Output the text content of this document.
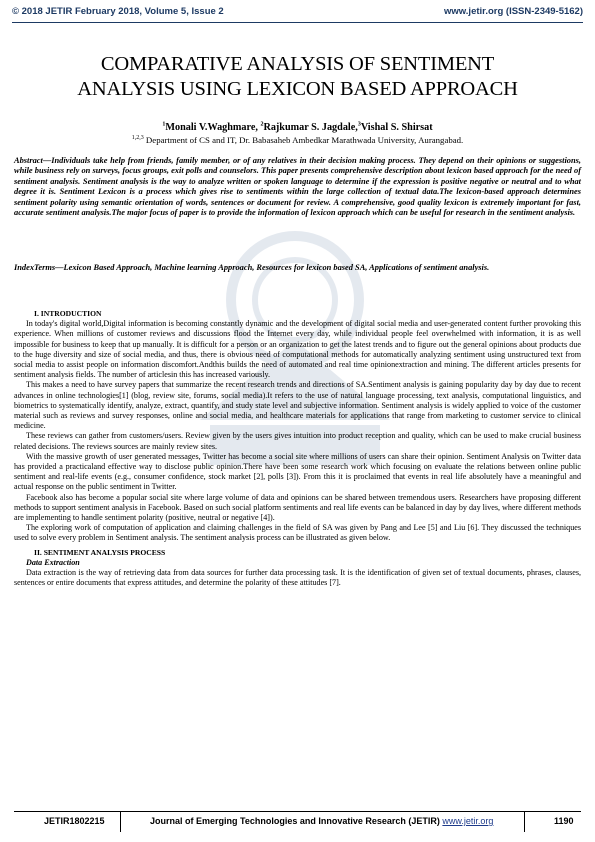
© 2018 JETIR February 2018, Volume 5, Issue 2	www.jetir.org (ISSN-2349-5162)
COMPARATIVE ANALYSIS OF SENTIMENT
ANALYSIS USING LEXICON BASED APPROACH
$^1$Monali V.Waghmare, $^2$Rajkumar S. Jagdale,$^3$Vishal S. Shirsat
$^{1,2,3}$ Department of CS and IT, Dr. Babasaheb Ambedkar Marathwada University, Aurangabad.
Abstract—Individuals take help from friends, family member, or of any relatives in their decision making process. They depend on their opinions or suggestions, while business rely on surveys, focus groups, exit polls and counselors. This paper presents comprehensive description about lexicon based approach for the need of sentiment analysis. Sentiment analysis is the way to analyze written or spoken language to determine if the expression is positive negative or neutral and to what degree it is. Sentiment Lexicon is a process which gives rise to sentiments within the large collection of textual data.The lexicon-based approach determines sentiment polarity using semantic orientation of words, sentences or document for review. A comprehensive, good quality lexicon is extremely important for fast, accurate sentiment analysis.The major focus of paper is to provide the information of lexicon approach which can be useful for research in the sentiment analysis.
IndexTerms—Lexicon Based Approach, Machine learning Approach, Resources for lexicon based SA, Applications of sentiment analysis.

I. INTRODUCTION

In today's digital world,Digital information is becoming constantly dynamic and the development of digital social media and user-generated content further provoking this experience. When millions of customer reviews and discussions flood the Internet every day, while individual people feel overwhelmed with information, it is as well impossible for business to keep that up manually. It is difficult for a person or an organization to get the latest trends and to figure out the general opinions about products due to the huge diversity and size of social media, and thus, there is obvious need of computational methods for automatically analyzing sentiment using unstructured text from social media to assist people on information discomfort.Andthis builds the need of automated and real time opinionextraction and mining. The different articles presents for sentiment analysis fields. The number of articlesin this has increased variously.

This makes a need to have survey papers that summarize the recent research trends and directions of SA.Sentiment analysis is gaining popularity day by day due to recent advances in online technologies[1] (blog, review site, forums, social media).It refers to the use of natural language processing, text analysis, computational linguistics, and biometrics to systematically identify, analyze, extract, quantify, and study state level and subjective information. Sentiment analysis is widely applied to voice of the customer material such as reviews and survey responses, online and social media, and healthcare materials for applications that range from marketing to customer service to clinical medicine.

These reviews can gather from customers/users. Review given by the users gives intuition into product reception and quality, which can be used to make crucial business related decisions. The reviews sources are mainly review sites.

With the massive growth of user generated messages, Twitter has become a social site where millions of users can share their opinion. Sentiment Analysis on Twitter data has provided a practicaland effective way to disclose public opinion.There have been some research work which focusing on evaluate the relations between online public sentiment and real-life events (e.g., consumer confidence, stock market [2], polls [3]). From this it is proclaimed that events in real life absolutely have a meaningful and actual response on the public sentiment in Twitter.

Facebook also has become a popular social site where large volume of data and opinions can be shared between tremendous users. Researchers have proposing different methods to support sentiment analysis in Facebook. Based on such social platform sentiments and real life events can be balanced in day by day lives, where different methods are implementing to handle sentiment polarity (positive, neutral or negative [4]).

The exploring work of computation of application and claiming challenges in the field of SA was given by Pang and Lee [5] and Liu [6]. They discussed the techniques used to solve every problem in Sentiment analysis. The sentiment analysis process can be illustrated as given below.

II. SENTIMENT ANALYSIS PROCESS

Data Extraction

Data extraction is the way of retrieving data from data sources for further data processing task. It is the identification of given set of textual documents, phrases, clauses, sentences or entire documents that express attitudes, and determine the polarity of these attitudes [7].

JETIR1802215	Journal of Emerging Technologies and Innovative Research (JETIR) www.jetir.org	1190
